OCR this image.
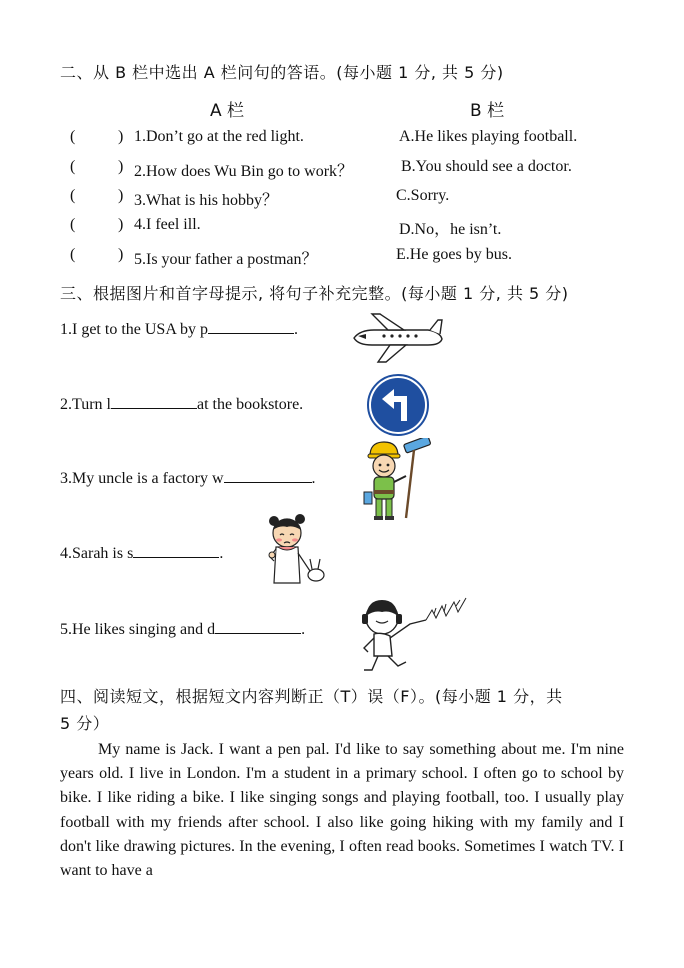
二、从 B 栏中选出 A 栏问句的答语。(每小题 1 分, 共 5 分)
A 栏	B 栏
(	) 1.Don’t go at the red light.	A.He likes playing football.
(	) 2.How does Wu Bin go to work？	B.You should see a doctor.
(	) 3.What is his hobby？	C.Sorry.
(	) 4.I feel ill.	D.No，he isn’t.
(	) 5.Is your father a postman？	E.He goes by bus.
三、根据图片和首字母提示, 将句子补充完整。(每小题 1 分, 共 5 分)
1.I get to the USA by p	.
2.Turn l	at the bookstore.
3.My uncle is a factory w	.
4.Sarah is s	.
5.He likes singing and d	.
四、阅读短文，根据短文内容判断正（T）误（F）。(每小题 1 分，共
5 分）

My name is Jack. I want a pen pal. I'd like to say something about me. I'm nine years old. I live in London. I'm a student in a primary school. I often go to school by bike. I like riding a bike. I like singing songs and playing football, too. I usually play football with my friends after school. I also like going hiking with my family and I don't like drawing pictures. In the evening, I often read books. Sometimes I watch TV. I want to have a
